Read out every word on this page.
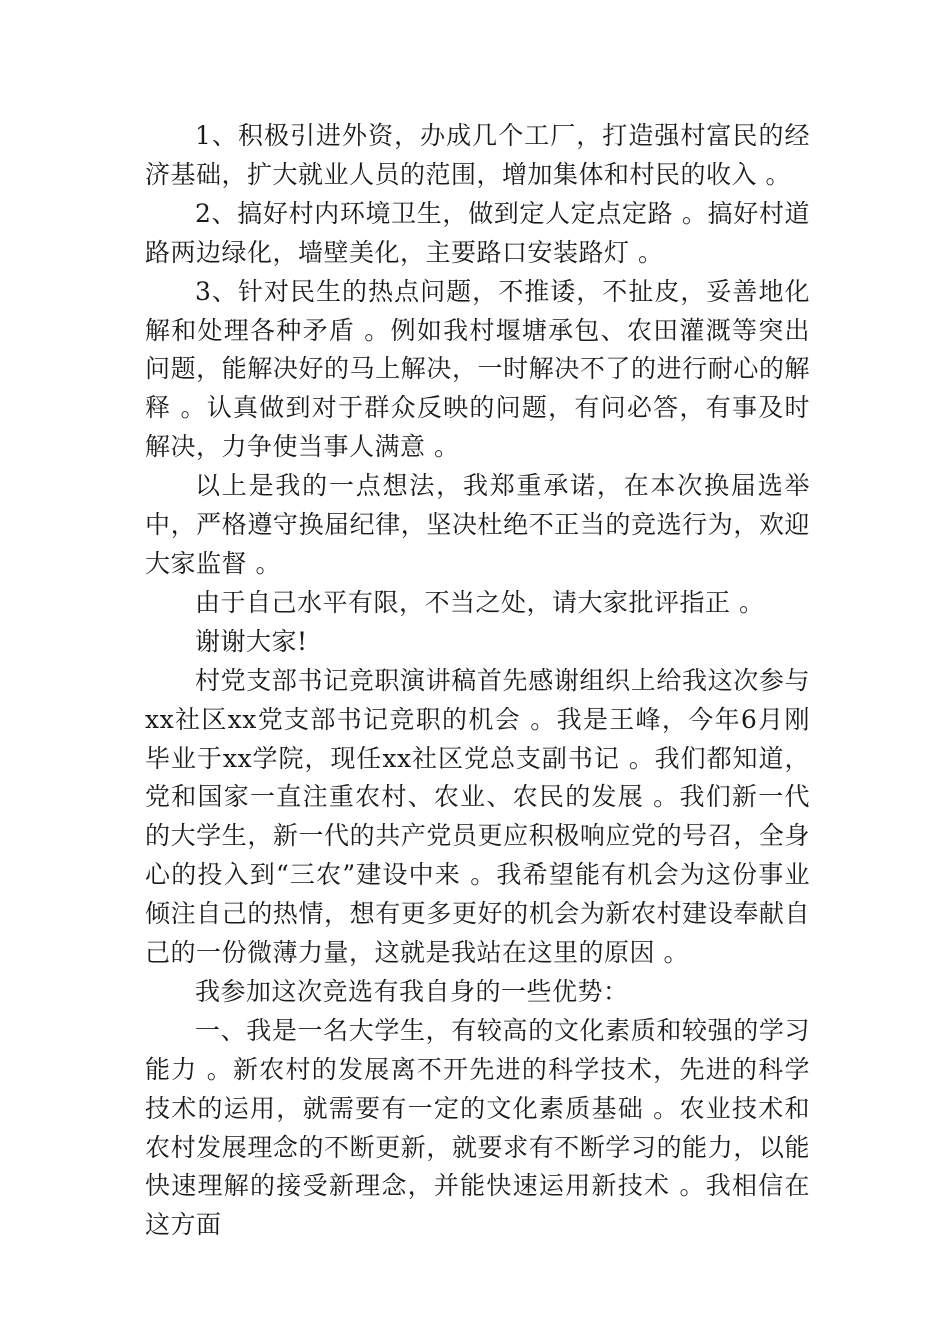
1、积极引进外资，办成几个工厂，打造强村富民的经济基础，扩大就业人员的范围，增加集体和村民的收入 。

2、搞好村内环境卫生，做到定人定点定路 。搞好村道路两边绿化，墙壁美化，主要路口安装路灯 。

3、针对民生的热点问题，不推诿，不扯皮，妥善地化解和处理各种矛盾 。例如我村堰塘承包、农田灌溉等突出问题，能解决好的马上解决，一时解决不了的进行耐心的解释 。认真做到对于群众反映的问题，有问必答，有事及时解决，力争使当事人满意 。

以上是我的一点想法，我郑重承诺，在本次换届选举中，严格遵守换届纪律，坚决杜绝不正当的竞选行为，欢迎大家监督 。

由于自己水平有限，不当之处，请大家批评指正 。

谢谢大家!

村党支部书记竞职演讲稿首先感谢组织上给我这次参与xx社区xx党支部书记竞职的机会 。我是王峰，今年6月刚毕业于xx学院，现任xx社区党总支副书记 。我们都知道，党和国家一直注重农村、农业、农民的发展 。我们新一代的大学生，新一代的共产党员更应积极响应党的号召，全身心的投入到“三农”建设中来 。我希望能有机会为这份事业倾注自己的热情，想有更多更好的机会为新农村建设奉献自己的一份微薄力量，这就是我站在这里的原因 。

我参加这次竞选有我自身的一些优势：

一、我是一名大学生，有较高的文化素质和较强的学习能力 。新农村的发展离不开先进的科学技术，先进的科学技术的运用，就需要有一定的文化素质基础 。农业技术和农村发展理念的不断更新，就要求有不断学习的能力，以能快速理解的接受新理念，并能快速运用新技术 。我相信在这方面
